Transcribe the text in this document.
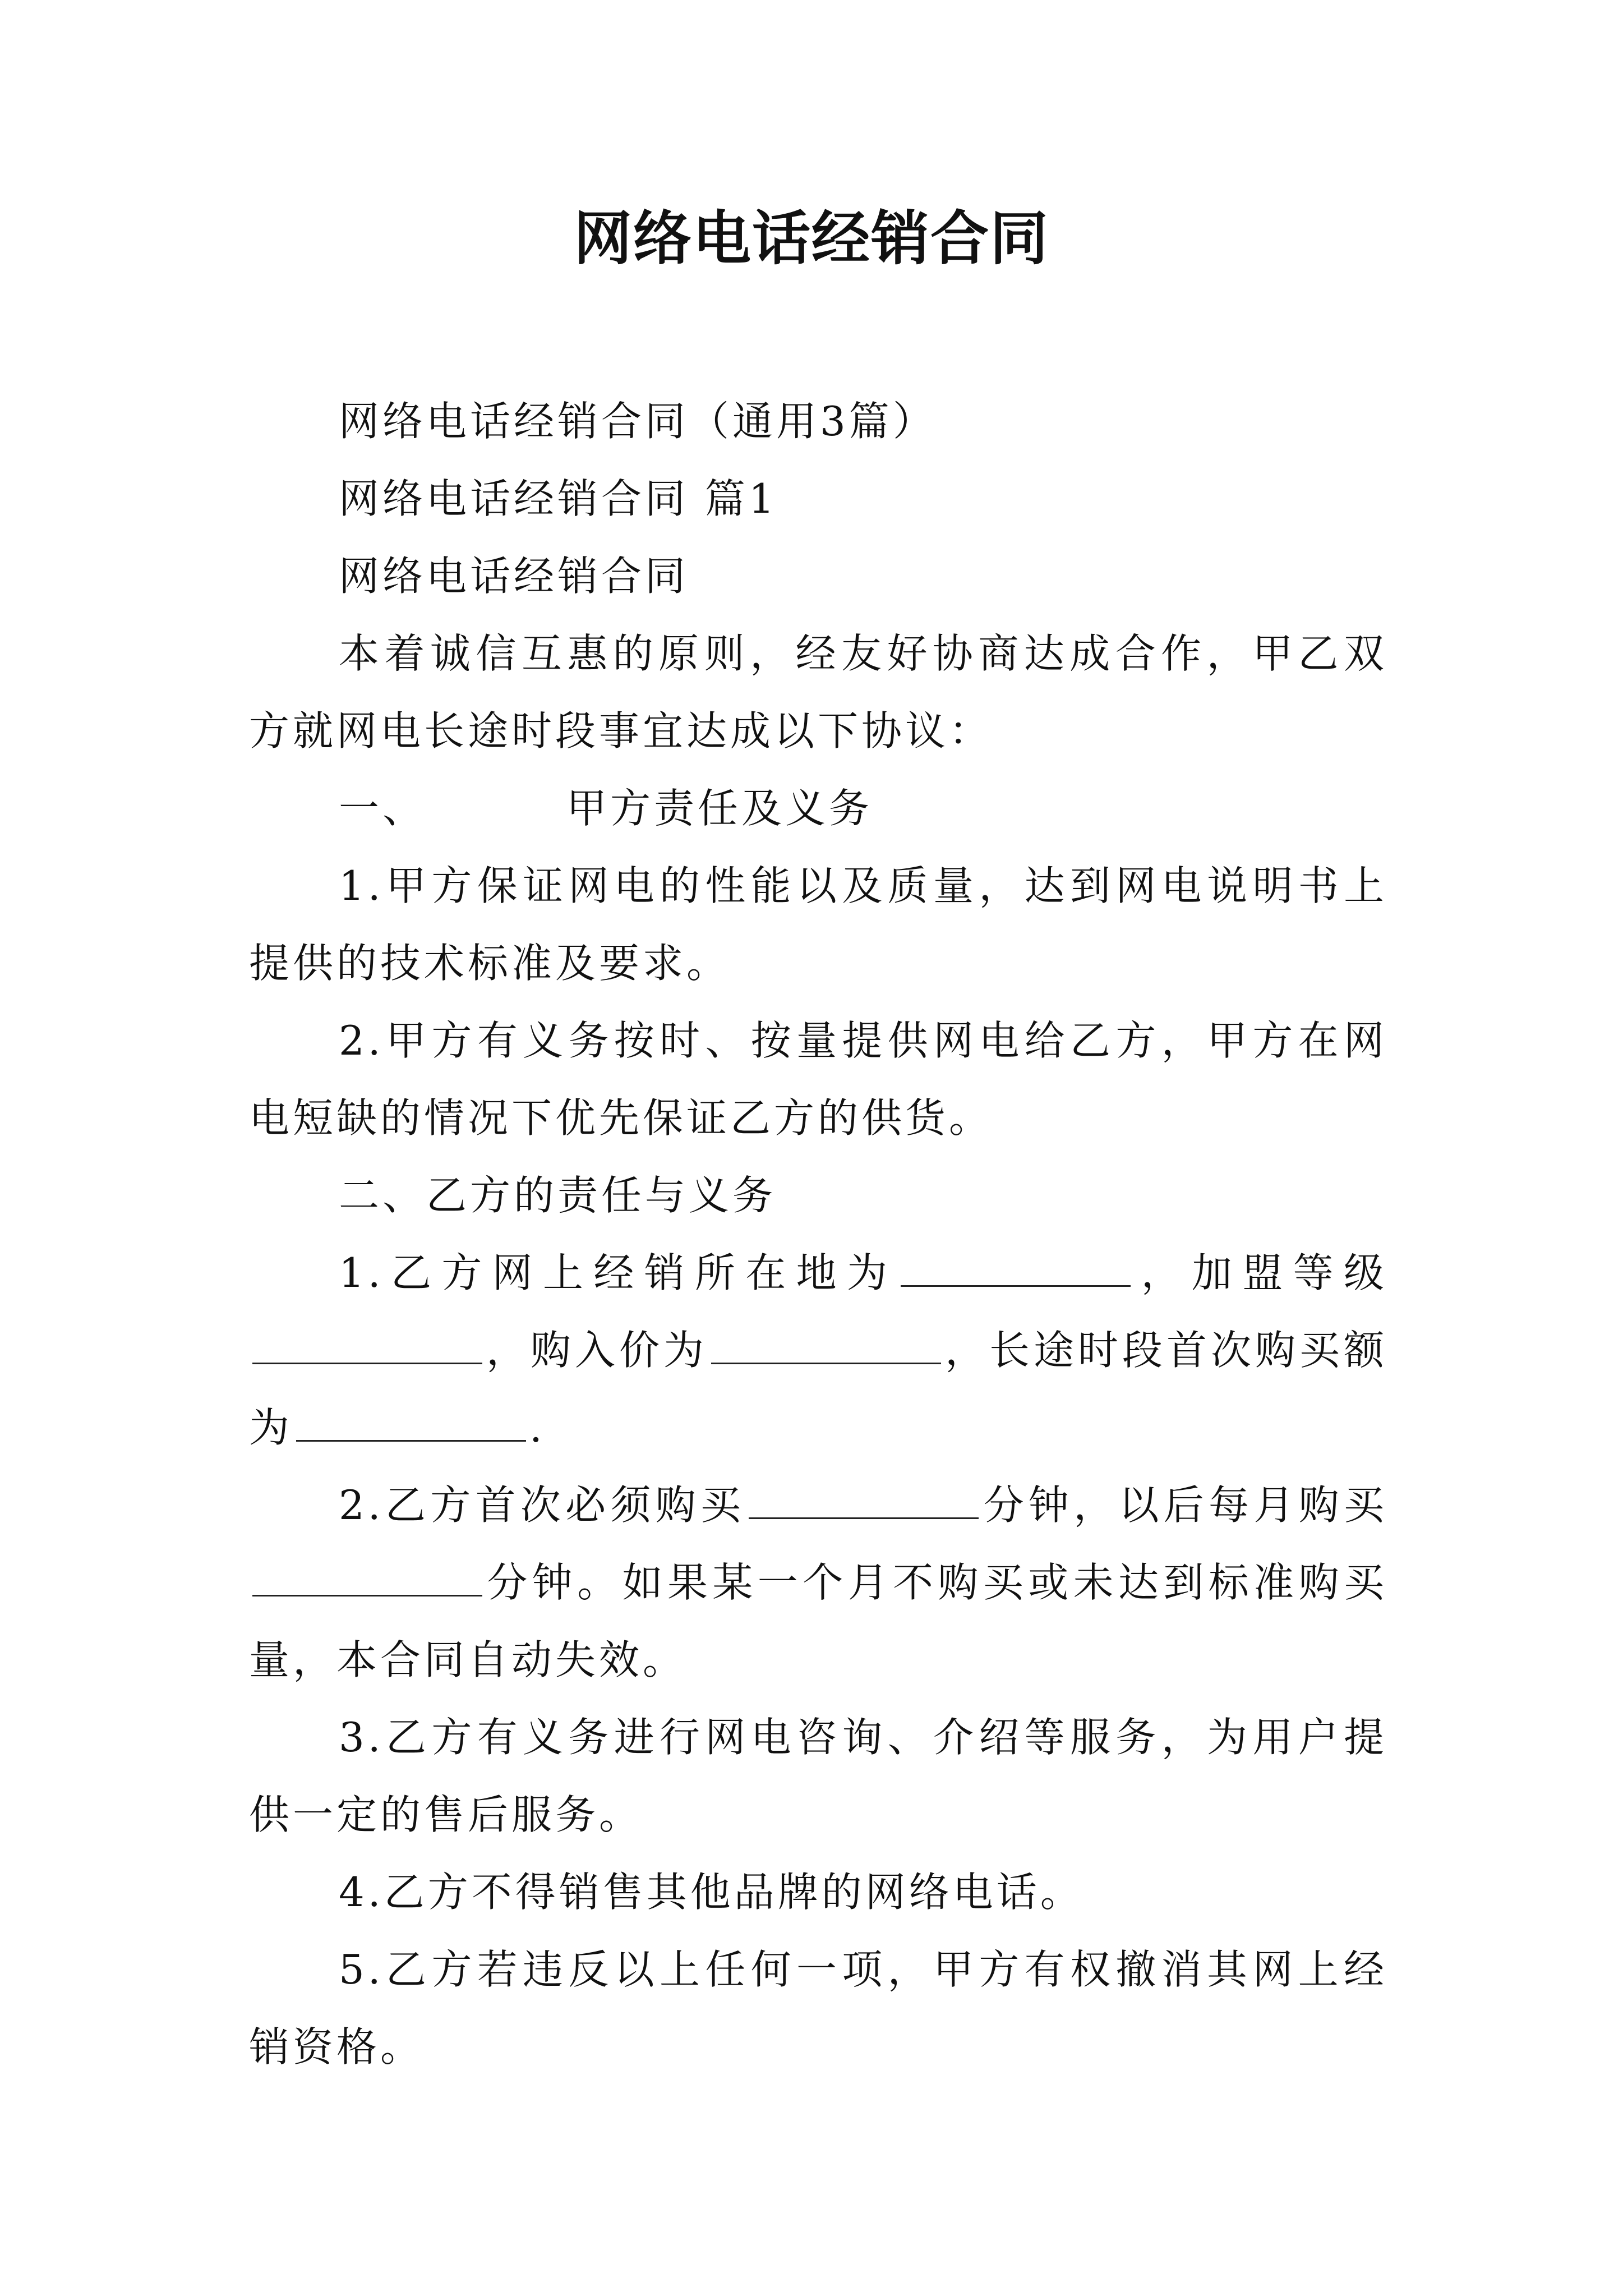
网络电话经销合同

网络电话经销合同（通用3篇）

网络电话经销合同 篇1

网络电话经销合同

本着诚信互惠的原则，经友好协商达成合作，甲乙双方就网电长途时段事宜达成以下协议：

一、	甲方责任及义务

1.甲方保证网电的性能以及质量，达到网电说明书上提供的技术标准及要求。

2.甲方有义务按时、按量提供网电给乙方，甲方在网电短缺的情况下优先保证乙方的供货。

二、乙方的责任与义务

1.乙方网上经销所在地为	，加盟等级，购入价为	，长途时段首次购买额为	.

2.乙方首次必须购买	分钟，以后每月购买分钟。如果某一个月不购买或未达到标准购买量，本合同自动失效。

3.乙方有义务进行网电咨询、介绍等服务，为用户提供一定的售后服务。

4.乙方不得销售其他品牌的网络电话。

5.乙方若违反以上任何一项，甲方有权撤消其网上经销资格。
